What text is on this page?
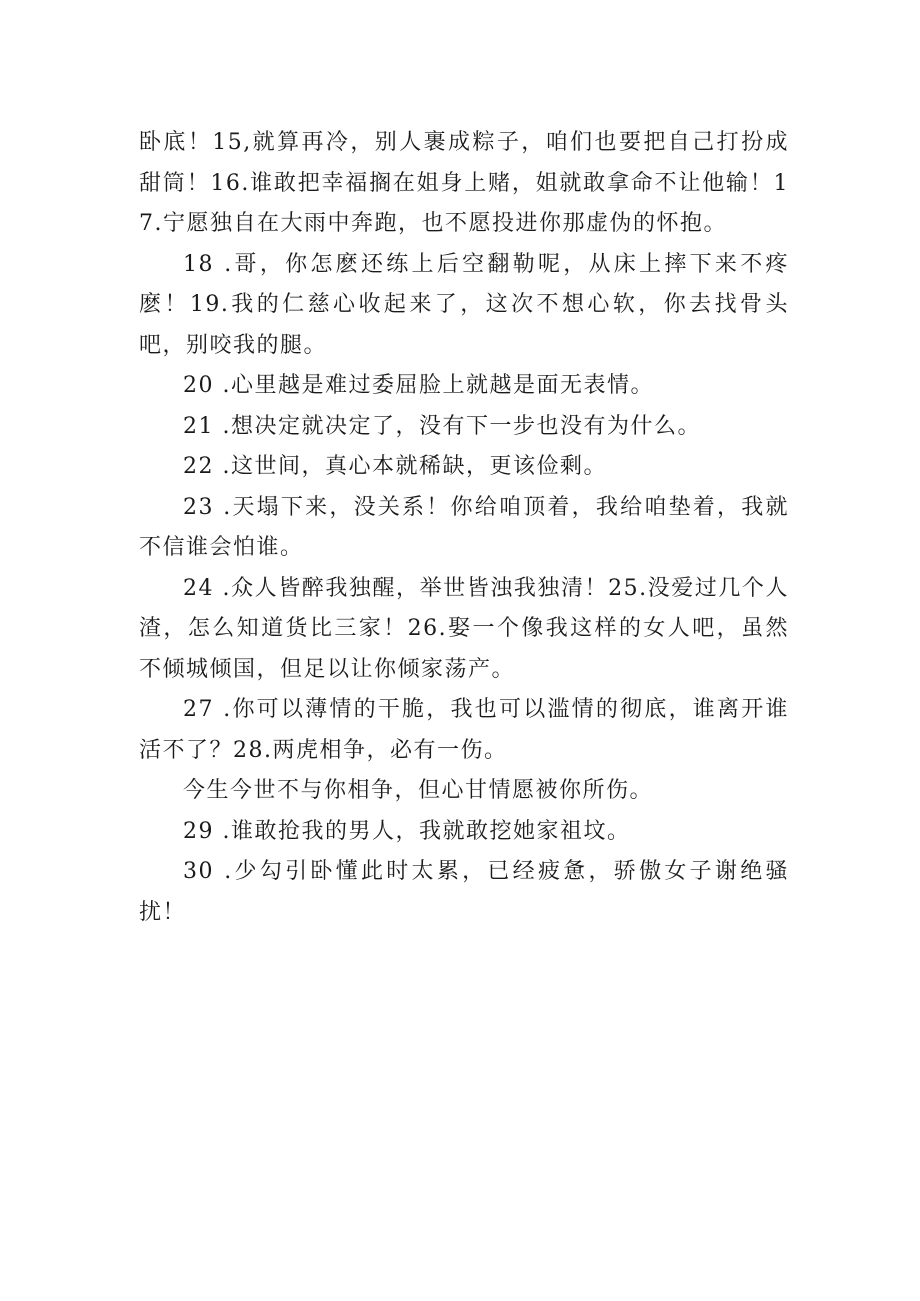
卧底！15,就算再冷，别人裹成粽子，咱们也要把自己打扮成甜筒！16.谁敢把幸福搁在姐身上赌，姐就敢拿命不让他输！17.宁愿独自在大雨中奔跑，也不愿投进你那虚伪的怀抱。

18 .哥，你怎麽还练上后空翻勒呢，从床上摔下来不疼麽！19.我的仁慈心收起来了，这次不想心软，你去找骨头吧，别咬我的腿。

20 .心里越是难过委屈脸上就越是面无表情。

21 .想决定就决定了，没有下一步也没有为什么。

22 .这世间，真心本就稀缺，更该俭剩。

23 .天塌下来，没关系！你给咱顶着，我给咱垫着，我就不信谁会怕谁。

24 .众人皆醉我独醒，举世皆浊我独清！25.没爱过几个人渣，怎么知道货比三家！26.娶一个像我这样的女人吧，虽然不倾城倾国，但足以让你倾家荡产。

27 .你可以薄情的干脆，我也可以滥情的彻底，谁离开谁活不了？28.两虎相争，必有一伤。

今生今世不与你相争，但心甘情愿被你所伤。

29 .谁敢抢我的男人，我就敢挖她家祖坟。

30 .少勾引卧懂此时太累，已经疲惫，骄傲女子谢绝骚扰！
